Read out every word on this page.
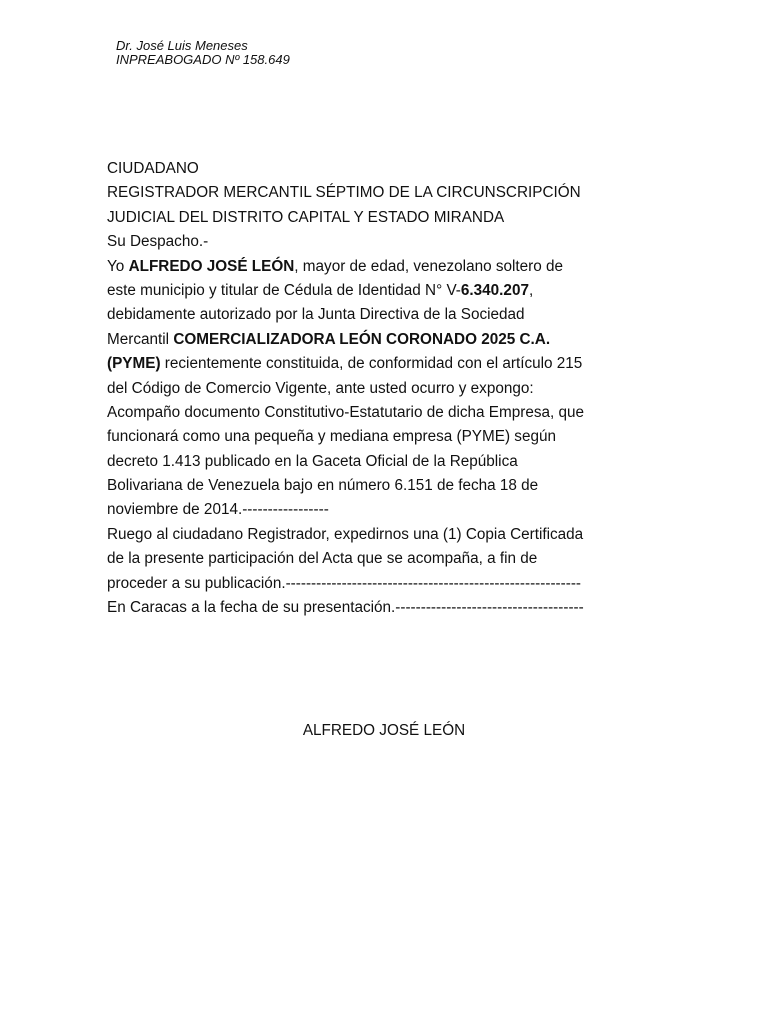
Dr. José Luis Meneses
INPREABOGADO Nº 158.649
CIUDADANO
REGISTRADOR MERCANTIL SÉPTIMO DE LA CIRCUNSCRIPCIÓN
JUDICIAL DEL DISTRITO CAPITAL Y ESTADO MIRANDA
Su Despacho.-
Yo ALFREDO JOSÉ LEÓN, mayor de edad, venezolano soltero de
este municipio y titular de Cédula de Identidad N° V-6.340.207,
debidamente autorizado por la Junta Directiva de la Sociedad
Mercantil COMERCIALIZADORA LEÓN CORONADO 2025 C.A.
(PYME) recientemente constituida, de conformidad con el artículo 215
del Código de Comercio Vigente, ante usted ocurro y expongo:
Acompaño documento Constitutivo-Estatutario de dicha Empresa, que
funcionará como una pequeña y mediana empresa (PYME) según
decreto 1.413 publicado en la Gaceta Oficial de la República
Bolivariana de Venezuela bajo en número 6.151 de fecha 18 de
noviembre de 2014.-----------------
Ruego al ciudadano Registrador, expedirnos una (1) Copia Certificada
de la presente participación del Acta que se acompaña, a fin de
proceder a su publicación.----------------------------------------------------------
En Caracas a la fecha de su presentación.-------------------------------------
ALFREDO JOSÉ LEÓN
